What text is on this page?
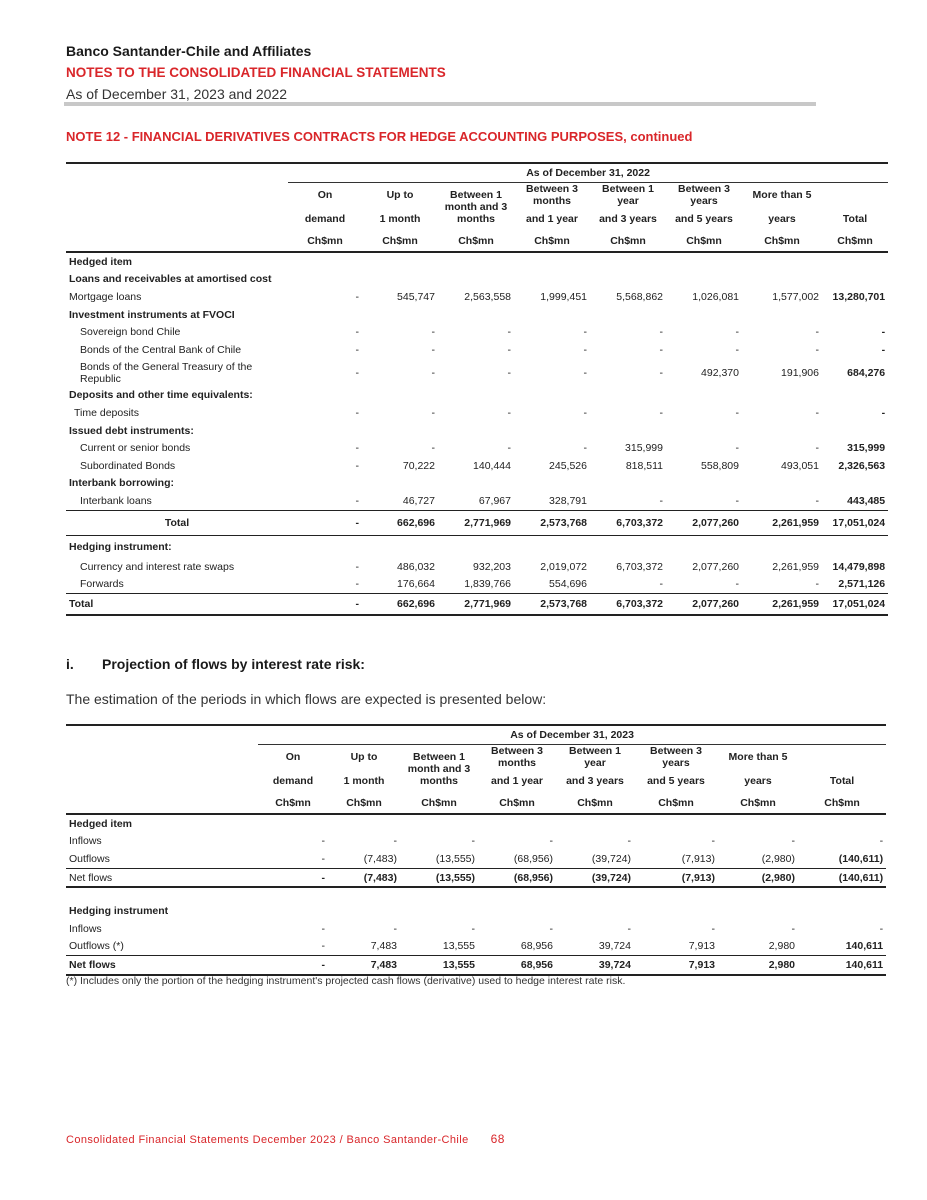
Banco Santander-Chile and Affiliates
NOTES TO THE CONSOLIDATED FINANCIAL STATEMENTS
As of December 31, 2023 and 2022
NOTE 12 - FINANCIAL DERIVATIVES CONTRACTS FOR HEDGE ACCOUNTING PURPOSES, continued
	As of December 31, 2022							
	On	Up to	Between 1 month and 3 months	Between 3 months	Between 1 year	Between 3 years	More than 5	
	demand	1 month		and 1 year	and 3 years	and 5 years	years	Total
	Ch$mn	Ch$mn	Ch$mn	Ch$mn	Ch$mn	Ch$mn	Ch$mn	Ch$mn
Hedged item								
Loans and receivables at amortised cost								
Mortgage loans	-	545,747	2,563,558	1,999,451	5,568,862	1,026,081	1,577,002	13,280,701
Investment instruments at FVOCI								
Sovereign bond Chile	-	-	-	-	-	-	-	-
Bonds of the Central Bank of Chile	-	-	-	-	-	-	-	-
Bonds of the General Treasury of the Republic	-	-	-	-	-	492,370	191,906	684,276
Deposits and other time equivalents:								
Time deposits	-	-	-	-	-	-	-	-
Issued debt instruments:								
Current or senior bonds	-	-	-	-	315,999	-	-	315,999
Subordinated Bonds	-	70,222	140,444	245,526	818,511	558,809	493,051	2,326,563
Interbank borrowing:								
Interbank loans	-	46,727	67,967	328,791	-	-	-	443,485
Total	-	662,696	2,771,969	2,573,768	6,703,372	2,077,260	2,261,959	17,051,024
Hedging instrument:								
Currency and interest rate swaps	-	486,032	932,203	2,019,072	6,703,372	2,077,260	2,261,959	14,479,898
Forwards	-	176,664	1,839,766	554,696	-	-	-	2,571,126
Total	-	662,696	2,771,969	2,573,768	6,703,372	2,077,260	2,261,959	17,051,024
i. Projection of flows by interest rate risk:
The estimation of the periods in which flows are expected is presented below:
	As of December 31, 2023							
	On	Up to	Between 1 month and 3 months	Between 3 months	Between 1 year	Between 3 years	More than 5	
	demand	1 month		and 1 year	and 3 years	and 5 years	years	Total
	Ch$mn	Ch$mn	Ch$mn	Ch$mn	Ch$mn	Ch$mn	Ch$mn	Ch$mn
Hedged item								
Inflows	-	-	-	-	-	-	-	-
Outflows	-	(7,483)	(13,555)	(68,956)	(39,724)	(7,913)	(2,980)	(140,611)
Net flows	-	(7,483)	(13,555)	(68,956)	(39,724)	(7,913)	(2,980)	(140,611)

Hedging instrument								
Inflows	-	-	-	-	-	-	-	-
Outflows (*)	-	7,483	13,555	68,956	39,724	7,913	2,980	140,611
Net flows	-	7,483	13,555	68,956	39,724	7,913	2,980	140,611
(*) Includes only the portion of the hedging instrument's projected cash flows (derivative) used to hedge interest rate risk.
Consolidated Financial Statements December 2023 / Banco Santander-Chile 68
